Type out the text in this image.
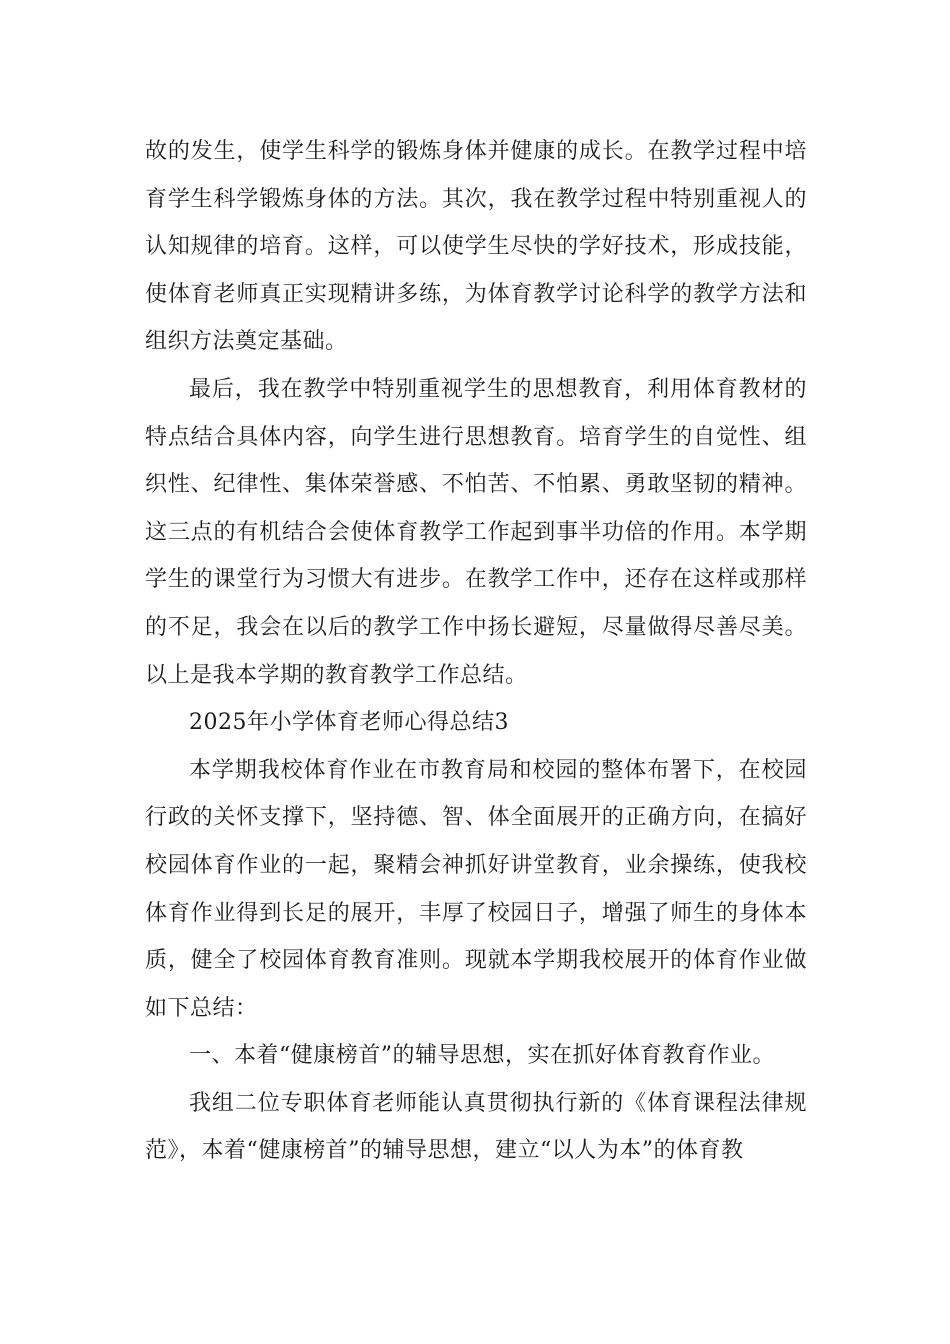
故的发生，使学生科学的锻炼身体并健康的成长。在教学过程中培育学生科学锻炼身体的方法。其次，我在教学过程中特别重视人的认知规律的培育。这样，可以使学生尽快的学好技术，形成技能，使体育老师真正实现精讲多练，为体育教学讨论科学的教学方法和组织方法奠定基础。

最后，我在教学中特别重视学生的思想教育，利用体育教材的特点结合具体内容，向学生进行思想教育。培育学生的自觉性、组织性、纪律性、集体荣誉感、不怕苦、不怕累、勇敢坚韧的精神。这三点的有机结合会使体育教学工作起到事半功倍的作用。本学期学生的课堂行为习惯大有进步。在教学工作中，还存在这样或那样的不足，我会在以后的教学工作中扬长避短，尽量做得尽善尽美。以上是我本学期的教育教学工作总结。

2025年小学体育老师心得总结3

本学期我校体育作业在市教育局和校园的整体布署下，在校园行政的关怀支撑下，坚持德、智、体全面展开的正确方向，在搞好校园体育作业的一起，聚精会神抓好讲堂教育，业余操练，使我校体育作业得到长足的展开，丰厚了校园日子，增强了师生的身体本质，健全了校园体育教育准则。现就本学期我校展开的体育作业做如下总结：

一、本着“健康榜首”的辅导思想，实在抓好体育教育作业。

我组二位专职体育老师能认真贯彻执行新的《体育课程法律规范》，本着“健康榜首”的辅导思想，建立“以人为本”的体育教
